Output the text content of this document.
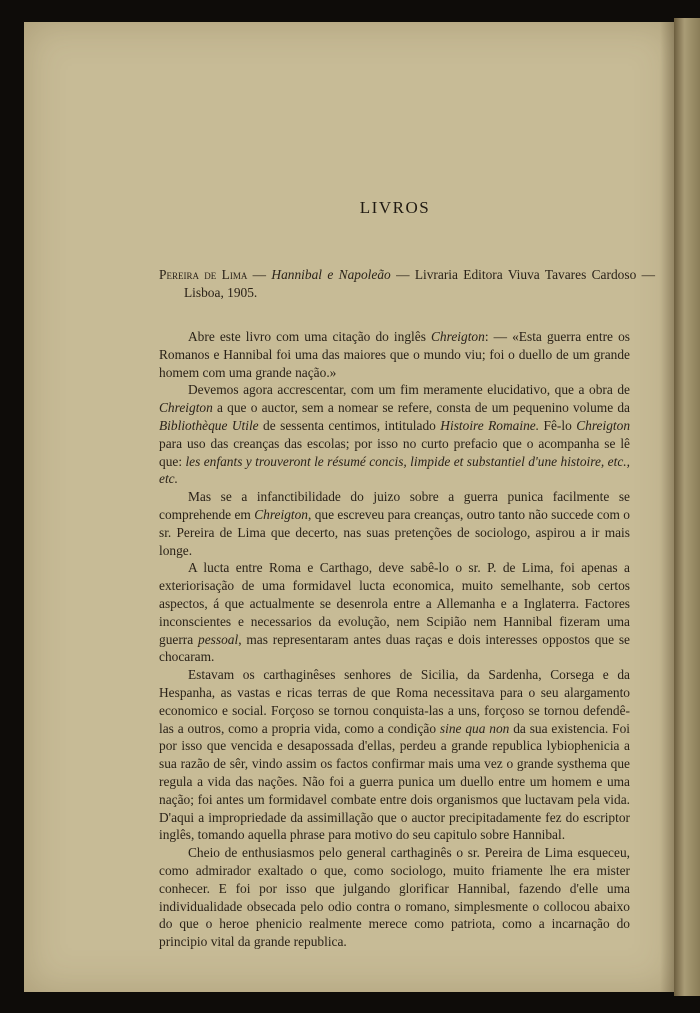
LIVROS
Pereira de Lima — Hannibal e Napoleão — Livraria Editora Viuva Tavares Cardoso — Lisboa, 1905.

Abre este livro com uma citação do inglês Chreigton: — «Esta guerra entre os Romanos e Hannibal foi uma das maiores que o mundo viu; foi o duello de um grande homem com uma grande nação.»

Devemos agora accrescentar, com um fim meramente elucidativo, que a obra de Chreigton a que o auctor, sem a nomear se refere, consta de um pequenino volume da Bibliothèque Utile de sessenta centimos, intitulado Histoire Romaine. Fê-lo Chreigton para uso das creanças das escolas; por isso no curto prefacio que o acompanha se lê que: les enfants y trouveront le résumé concis, limpide et substantiel d'une histoire, etc., etc.

Mas se a infanctibilidade do juizo sobre a guerra punica facilmente se comprehende em Chreigton, que escreveu para creanças, outro tanto não succede com o sr. Pereira de Lima que decerto, nas suas pretenções de sociologo, aspirou a ir mais longe.

A lucta entre Roma e Carthago, deve sabê-lo o sr. P. de Lima, foi apenas a exteriorisação de uma formidavel lucta economica, muito semelhante, sob certos aspectos, á que actualmente se desenrola entre a Allemanha e a Inglaterra. Factores inconscientes e necessarios da evolução, nem Scipião nem Hannibal fizeram uma guerra pessoal, mas representaram antes duas raças e dois interesses oppostos que se chocaram.

Estavam os carthaginêses senhores de Sicilia, da Sardenha, Corsega e da Hespanha, as vastas e ricas terras de que Roma necessitava para o seu alargamento economico e social. Forçoso se tornou conquista-las a uns, forçoso se tornou defendê-las a outros, como a propria vida, como a condição sine qua non da sua existencia. Foi por isso que vencida e desapossada d'ellas, perdeu a grande republica lybiophenicia a sua razão de sêr, vindo assim os factos confirmar mais uma vez o grande systhema que regula a vida das nações. Não foi a guerra punica um duello entre um homem e uma nação; foi antes um formidavel combate entre dois organismos que luctavam pela vida. D'aqui a impropriedade da assimillação que o auctor precipitadamente fez do escriptor inglês, tomando aquella phrase para motivo do seu capitulo sobre Hannibal.

Cheio de enthusiasmos pelo general carthaginês o sr. Pereira de Lima esqueceu, como admirador exaltado o que, como sociologo, muito friamente lhe era mister conhecer. E foi por isso que julgando glorificar Hannibal, fazendo d'elle uma individualidade obsecada pelo odio contra o romano, simplesmente o collocou abaixo do que o heroe phenicio realmente merece como patriota, como a incarnação do principio vital da grande republica.
